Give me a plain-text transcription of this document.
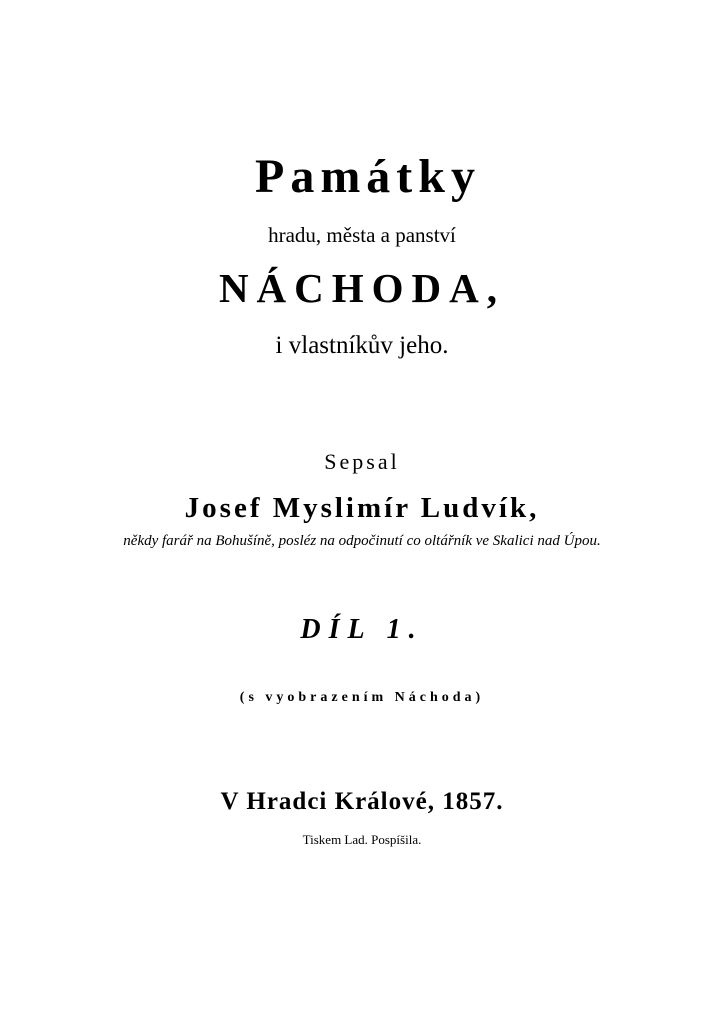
Památky
hradu, města a panství
NÁCHODA,
i vlastníkův jeho.
Sepsal
Josef Myslimír Ludvík,
někdy farář na Bohušíně, posléz na odpočinutí co oltářník ve Skalici nad Úpou.
DÍL 1.
(s vyobrazením Náchoda)
V Hradci Králové, 1857.
Tiskem Lad. Pospíšila.
